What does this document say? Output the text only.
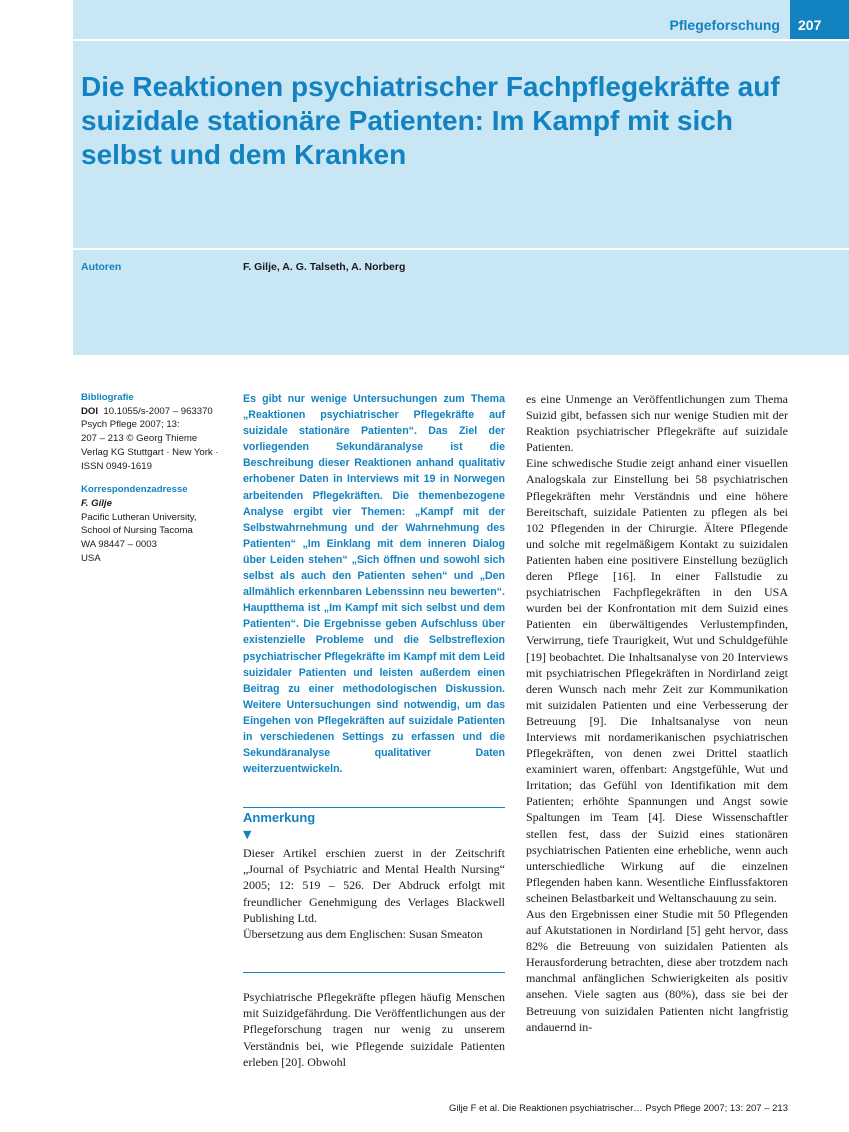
Pflegeforschung	207
Die Reaktionen psychiatrischer Fachpflegekräfte auf suizidale stationäre Patienten: Im Kampf mit sich selbst und dem Kranken
Autoren	F. Gilje, A. G. Talseth, A. Norberg
Bibliografie
DOI 10.1055/s-2007 – 963370
Psych Pflege 2007; 13:
207 – 213 © Georg Thieme
Verlag KG Stuttgart · New York ·
ISSN 0949-1619
Korrespondenzadresse
F. Gilje
Pacific Lutheran University,
School of Nursing Tacoma
WA 98447 – 0003
USA

Es gibt nur wenige Untersuchungen zum Thema „Reaktionen psychiatrischer Pflegekräfte auf suizidale stationäre Patienten“. Das Ziel der vorliegenden Sekundäranalyse ist die Beschreibung dieser Reaktionen anhand qualitativ erhobener Daten in Interviews mit 19 in Norwegen arbeitenden Pflegekräften. Die themenbezogene Analyse ergibt vier Themen: „Kampf mit der Selbstwahrnehmung und der Wahrnehmung des Patienten“ „Im Einklang mit dem inneren Dialog über Leiden stehen“ „Sich öffnen und sowohl sich selbst als auch den Patienten sehen“ und „Den allmählich erkennbaren Lebenssinn neu bewerten“. Hauptthema ist „Im Kampf mit sich selbst und dem Patienten“. Die Ergebnisse geben Aufschluss über existenzielle Probleme und die Selbstreflexion psychiatrischer Pflegekräfte im Kampf mit dem Leid suizidaler Patienten und leisten außerdem einen Beitrag zu einer methodologischen Diskussion. Weitere Untersuchungen sind notwendig, um das Eingehen von Pflegekräften auf suizidale Patienten in verschiedenen Settings zu erfassen und die Sekundäranalyse qualitativer Daten weiterzuentwickeln.

Anmerkung
▼
Dieser Artikel erschien zuerst in der Zeitschrift „Journal of Psychiatric and Mental Health Nursing“ 2005; 12: 519 – 526. Der Abdruck erfolgt mit freundlicher Genehmigung des Verlages Blackwell Publishing Ltd.
Übersetzung aus dem Englischen: Susan Smeaton

Psychiatrische Pflegekräfte pflegen häufig Menschen mit Suizidgefährdung. Die Veröffentlichungen aus der Pflegeforschung tragen nur wenig zu unserem Verständnis bei, wie Pflegende suizidale Patienten erleben [20]. Obwohl

es eine Unmenge an Veröffentlichungen zum Thema Suizid gibt, befassen sich nur wenige Studien mit der Reaktion psychiatrischer Pflegekräfte auf suizidale Patienten.

Eine schwedische Studie zeigt anhand einer visuellen Analogskala zur Einstellung bei 58 psychiatrischen Pflegekräften mehr Verständnis und eine höhere Bereitschaft, suizidale Patienten zu pflegen als bei 102 Pflegenden in der Chirurgie. Ältere Pflegende und solche mit regelmäßigem Kontakt zu suizidalen Patienten haben eine positivere Einstellung bezüglich deren Pflege [16]. In einer Fallstudie zu psychiatrischen Fachpflegekräften in den USA wurden bei der Konfrontation mit dem Suizid eines Patienten ein überwältigendes Verlustempfinden, Verwirrung, tiefe Traurigkeit, Wut und Schuldgefühle [19] beobachtet. Die Inhaltsanalyse von 20 Interviews mit psychiatrischen Pflegekräften in Nordirland zeigt deren Wunsch nach mehr Zeit zur Kommunikation mit suizidalen Patienten und eine Verbesserung der Betreuung [9]. Die Inhaltsanalyse von neun Interviews mit nordamerikanischen psychiatrischen Pflegekräften, von denen zwei Drittel staatlich examiniert waren, offenbart: Angstgefühle, Wut und Irritation; das Gefühl von Identifikation mit dem Patienten; erhöhte Spannungen und Angst sowie Spaltungen im Team [4]. Diese Wissenschaftler stellen fest, dass der Suizid eines stationären psychiatrischen Patienten eine erhebliche, wenn auch unterschiedliche Wirkung auf die einzelnen Pflegenden haben kann. Wesentliche Einflussfaktoren scheinen Belastbarkeit und Weltanschauung zu sein.

Aus den Ergebnissen einer Studie mit 50 Pflegenden auf Akutstationen in Nordirland [5] geht hervor, dass 82% die Betreuung von suizidalen Patienten als Herausforderung betrachten, diese aber trotzdem nach manchmal anfänglichen Schwierigkeiten als positiv ansehen. Viele sagten aus (80%), dass sie bei der Betreuung von suizidalen Patienten nicht langfristig andauernd in-

Gilje F et al. Die Reaktionen psychiatrischer… Psych Pflege 2007; 13: 207 – 213
